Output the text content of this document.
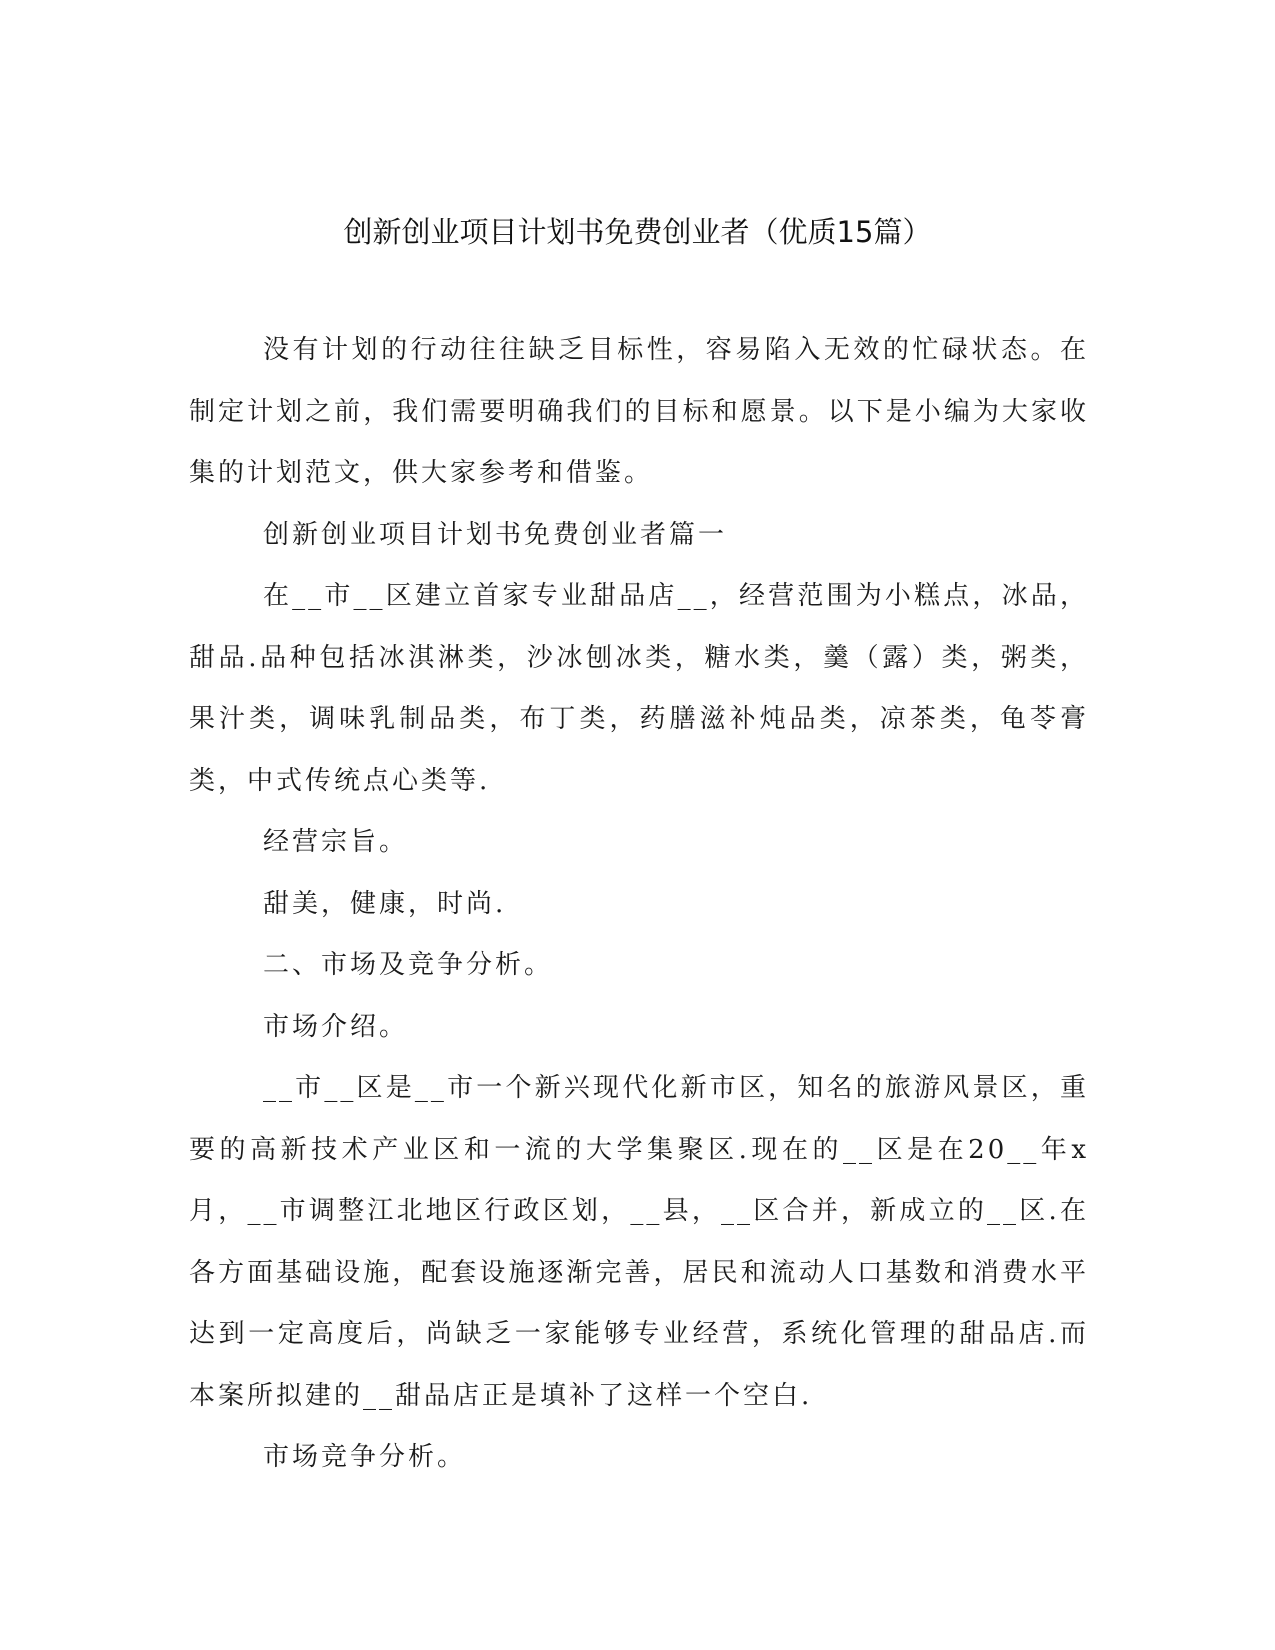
创新创业项目计划书免费创业者（优质15篇）

没有计划的行动往往缺乏目标性，容易陷入无效的忙碌状态。在制定计划之前，我们需要明确我们的目标和愿景。以下是小编为大家收集的计划范文，供大家参考和借鉴。

创新创业项目计划书免费创业者篇一

在__市__区建立首家专业甜品店__，经营范围为小糕点，冰品，甜品.品种包括冰淇淋类，沙冰刨冰类，糖水类，羹（露）类，粥类，果汁类，调味乳制品类，布丁类，药膳滋补炖品类，凉茶类，龟苓膏类，中式传统点心类等.

经营宗旨。

甜美，健康，时尚.

二、市场及竞争分析。

市场介绍。

__市__区是__市一个新兴现代化新市区，知名的旅游风景区，重要的高新技术产业区和一流的大学集聚区.现在的__区是在20__年x月，__市调整江北地区行政区划，__县，__区合并，新成立的__区.在各方面基础设施，配套设施逐渐完善，居民和流动人口基数和消费水平达到一定高度后，尚缺乏一家能够专业经营，系统化管理的甜品店.而本案所拟建的__甜品店正是填补了这样一个空白.

市场竞争分析。
